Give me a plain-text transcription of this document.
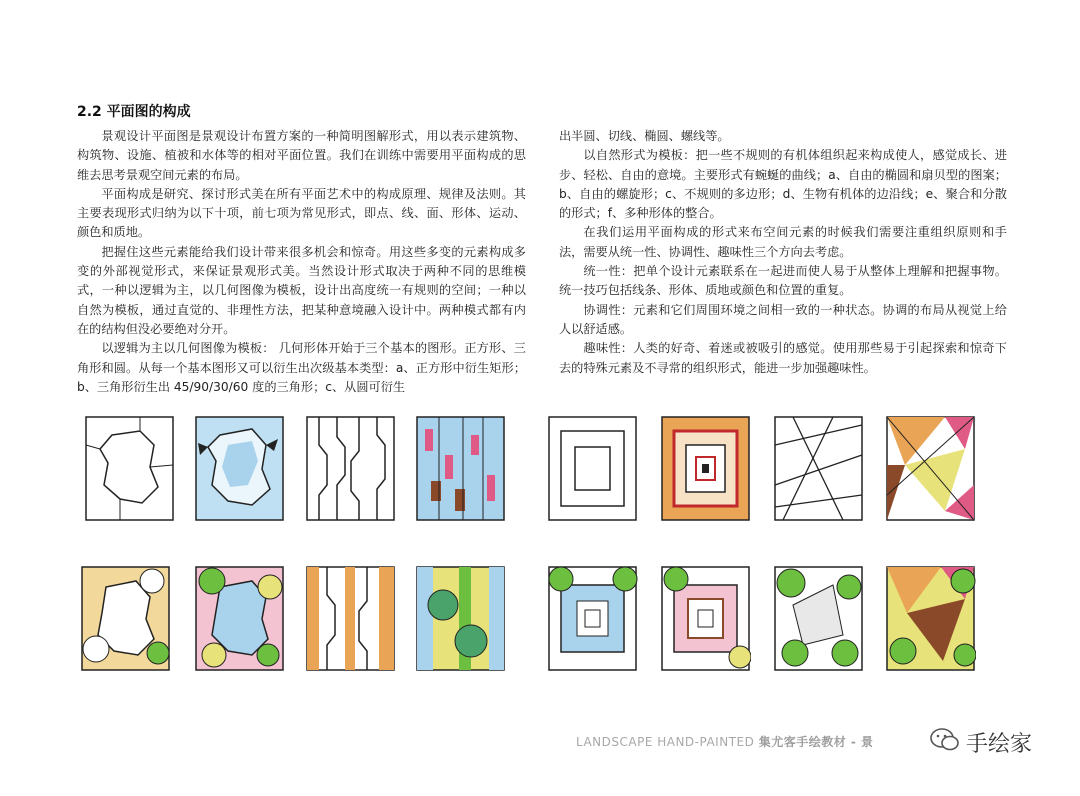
2.2 平面图的构成

景观设计平面图是景观设计布置方案的一种简明图解形式，用以表示建筑物、构筑物、设施、植被和水体等的相对平面位置。我们在训练中需要用平面构成的思维去思考景观空间元素的布局。

平面构成是研究、探讨形式美在所有平面艺术中的构成原理、规律及法则。其主要表现形式归纳为以下十项，前七项为常见形式，即点、线、面、形体、运动、颜色和质地。

把握住这些元素能给我们设计带来很多机会和惊奇。用这些多变的元素构成多变的外部视觉形式，来保证景观形式美。当然设计形式取决于两种不同的思维模式，一种以逻辑为主，以几何图像为模板，设计出高度统一有规则的空间；一种以自然为模板，通过直觉的、非理性方法，把某种意境融入设计中。两种模式都有内在的结构但没必要绝对分开。

以逻辑为主以几何图像为模板： 几何形体开始于三个基本的图形。正方形、三角形和圆。从每一个基本图形又可以衍生出次级基本类型：a、正方形中衍生矩形；b、三角形衍生出 45/90/30/60 度的三角形；c、从圆可衍生

出半圆、切线、椭圆、螺线等。

以自然形式为模板：把一些不规则的有机体组织起来构成使人，感觉成长、进步、轻松、自由的意境。主要形式有蜿蜒的曲线；a、自由的椭圆和扇贝型的图案；b、自由的螺旋形；c、不规则的多边形；d、生物有机体的边沿线；e、聚合和分散的形式；f、多种形体的整合。

在我们运用平面构成的形式来布空间元素的时候我们需要注重组织原则和手法，需要从统一性、协调性、趣味性三个方向去考虑。

统一性：把单个设计元素联系在一起进而使人易于从整体上理解和把握事物。统一技巧包括线条、形体、质地或颜色和位置的重复。

协调性：元素和它们周围环境之间相一致的一种状态。协调的布局从视觉上给人以舒适感。

趣味性：人类的好奇、着迷或被吸引的感觉。使用那些易于引起探索和惊奇下去的特殊元素及不寻常的组织形式，能进一步加强趣味性。

LANDSCAPE HAND-PAINTED 集尤客手绘教材 - 景	手绘家
